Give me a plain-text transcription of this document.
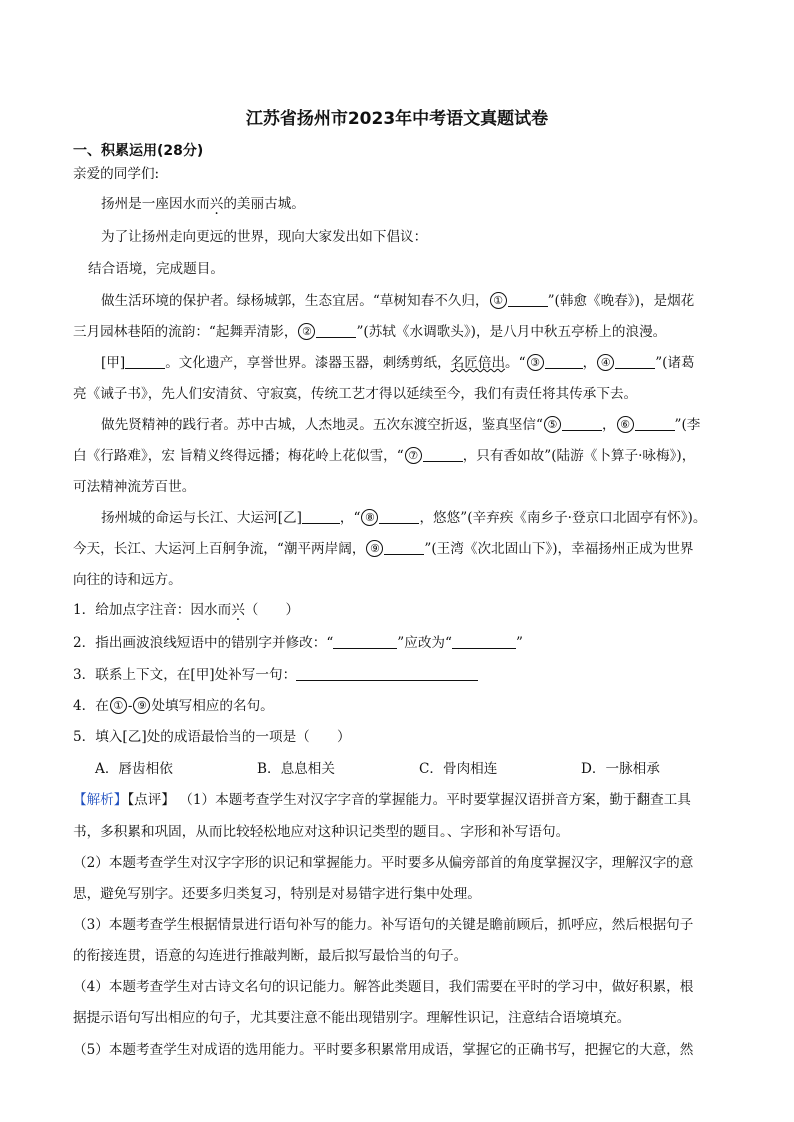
江苏省扬州市2023年中考语文真题试卷
一、积累运用(28分)
亲爱的同学们:
扬州是一座因水而兴的美丽古城。
为了让扬州走向更远的世界，现向大家发出如下倡议：
结合语境，完成题目。
做生活环境的保护者。绿杨城郭，生态宜居。“草树知春不久归， ①	”(韩愈《晚春》)，是烟花
三月园林巷陌的流韵：“起舞弄清影， ②	”(苏轼《水调歌头》)，是八月中秋五亭桥上的浪漫。
[甲]	。文化遗产，享誉世界。漆器玉器，刺绣剪纸，名匠倍出。“ ③	， ④	”(诸葛
亮《诫子书》，先人们安清贫、守寂寞，传统工艺才得以延续至今，我们有责任将其传承下去。
做先贤精神的践行者。苏中古城，人杰地灵。五次东渡空折返，鉴真坚信“ ⑤	， ⑥	”(李
白《行路难》，宏 旨精义终得远播；梅花岭上花似雪，“ ⑦	，只有香如故”(陆游《卜算子·咏梅》)，
可法精神流芳百世。
扬州城的命运与长江、大运河[乙]	，“ ⑧	，悠悠”(辛弃疾《南乡子·登京口北固亭有怀》)。
今天，长江、大运河上百舸争流，“潮平两岸阔， ⑨	”(王湾《次北固山下》)，幸福扬州正成为世界
向往的诗和远方。
1．给加点字注音：因水而兴（　　）
2．指出画波浪线短语中的错别字并修改：“	”应改为“	”
3．联系上下文，在[甲]处补写一句：
4．在 ① - ⑨ 处填写相应的名句。
5．填入[乙]处的成语最恰当的一项是（　　）
A．唇齿相依	B．息息相关	C．骨肉相连	D．一脉相承
【解析】【点评】 （1）本题考查学生对汉字字音的掌握能力。平时要掌握汉语拼音方案，勤于翻查工具
书，多积累和巩固，从而比较轻松地应对这种识记类型的题目。、字形和补写语句。
（2）本题考查学生对汉字字形的识记和掌握能力。平时要多从偏旁部首的角度掌握汉字，理解汉字的意
思，避免写别字。还要多归类复习，特别是对易错字进行集中处理。
（3）本题考查学生根据情景进行语句补写的能力。补写语句的关键是瞻前顾后，抓呼应，然后根据句子
的衔接连贯，语意的勾连进行推敲判断，最后拟写最恰当的句子。
（4）本题考查学生对古诗文名句的识记能力。解答此类题目，我们需要在平时的学习中，做好积累，根
据提示语句写出相应的句子，尤其要注意不能出现错别字。理解性识记，注意结合语境填充。
（5）本题考查学生对成语的选用能力。平时要多积累常用成语，掌握它的正确书写，把握它的大意，然
